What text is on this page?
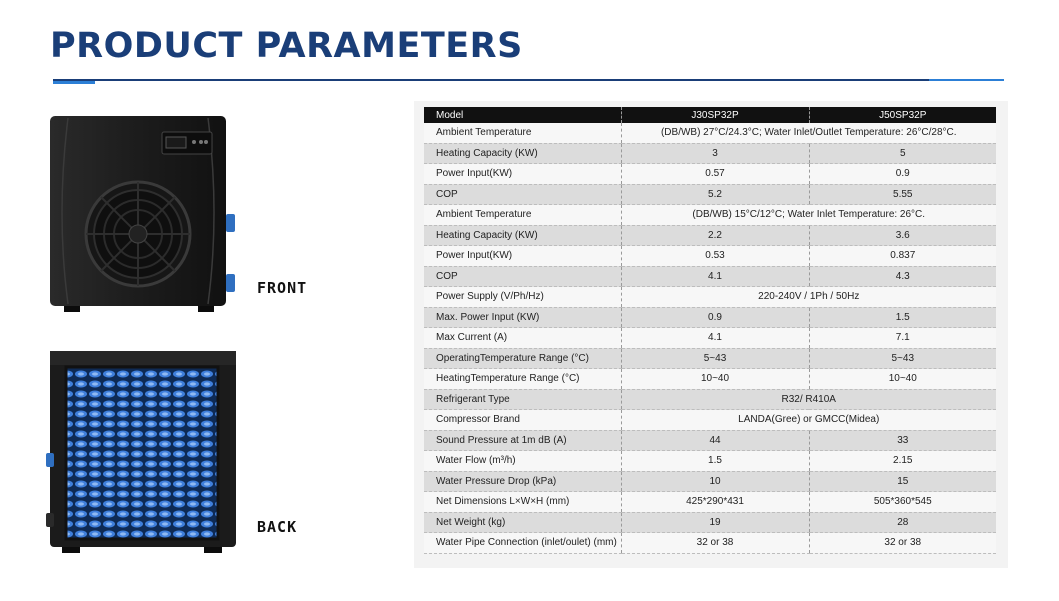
PRODUCT PARAMETERS
FRONT
BACK
Model	J30SP32P	J50SP32P
Ambient Temperature	(DB/WB) 27°C/24.3°C; Water Inlet/Outlet Temperature: 26°C/28°C.	
Heating Capacity (KW)	3	5
Power Input(KW)	0.57	0.9
COP	5.2	5.55
Ambient Temperature	(DB/WB) 15°C/12°C; Water Inlet Temperature: 26°C.	
Heating Capacity (KW)	2.2	3.6
Power Input(KW)	0.53	0.837
COP	4.1	4.3
Power Supply (V/Ph/Hz)	220-240V / 1Ph / 50Hz	
Max. Power Input (KW)	0.9	1.5
Max Current (A)	4.1	7.1
OperatingTemperature Range (°C)	5~43	5~43
HeatingTemperature Range (°C)	10~40	10~40
Refrigerant Type	R32/ R410A	
Compressor Brand	LANDA(Gree) or GMCC(Midea)	
Sound Pressure at 1m dB (A)	44	33
Water Flow (m³/h)	1.5	2.15
Water Pressure Drop (kPa)	10	15
Net Dimensions L×W×H (mm)	425*290*431	505*360*545
Net Weight (kg)	19	28
Water Pipe Connection (inlet/oulet) (mm)	32 or 38	32 or 38
